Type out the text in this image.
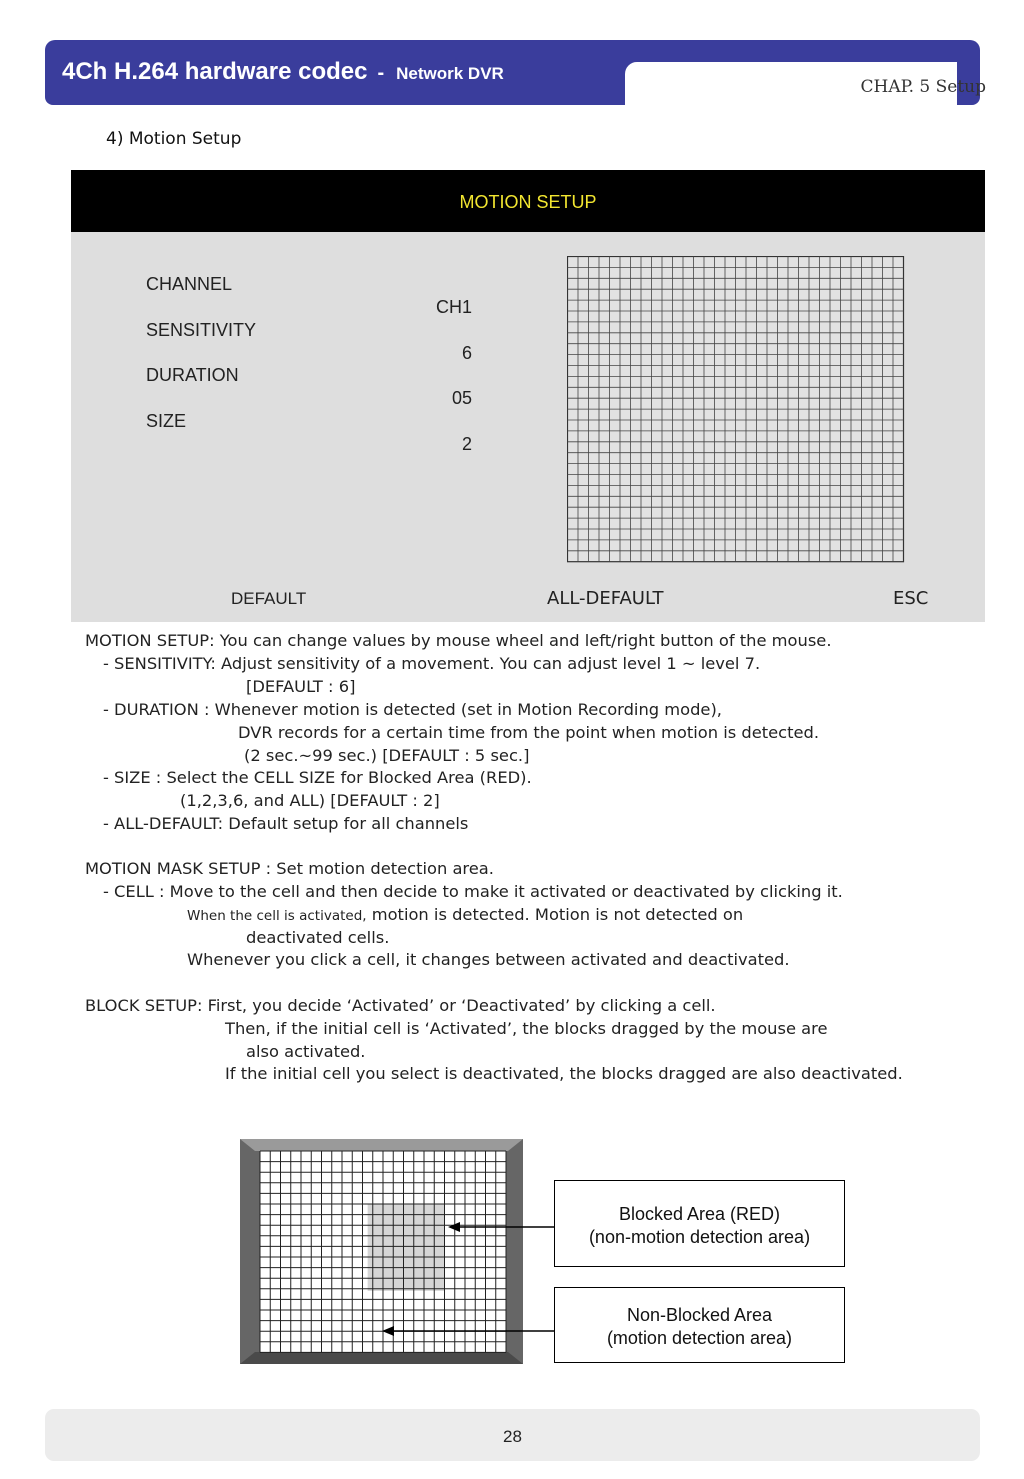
4Ch H.264 hardware codec - Network DVR
CHAP. 5 Setup
4) Motion Setup
MOTION SETUP
CHANNEL
CH1
SENSITIVITY
6
DURATION
05
SIZE
2
DEFAULT	ALL-DEFAULT	ESC
MOTION SETUP: You can change values by mouse wheel and left/right button of the mouse.
- SENSITIVITY: Adjust sensitivity of a movement. You can adjust level 1 ~ level 7.
[DEFAULT : 6]
- DURATION : Whenever motion is detected (set in Motion Recording mode),
DVR records for a certain time from the point when motion is detected.
(2 sec.~99 sec.) [DEFAULT : 5 sec.]
- SIZE : Select the CELL SIZE for Blocked Area (RED).
(1,2,3,6, and ALL) [DEFAULT : 2]
- ALL-DEFAULT: Default setup for all channels
MOTION MASK SETUP : Set motion detection area.
- CELL : Move to the cell and then decide to make it activated or deactivated by clicking it.
When the cell is activated, motion is detected. Motion is not detected on
deactivated cells.
Whenever you click a cell, it changes between activated and deactivated.
BLOCK SETUP: First, you decide ‘Activated’ or ‘Deactivated’ by clicking a cell.
Then, if the initial cell is ‘Activated’, the blocks dragged by the mouse are
also activated.
If the initial cell you select is deactivated, the blocks dragged are also deactivated.
Blocked Area (RED)
(non-motion detection area)
Non-Blocked Area
(motion detection area)
28
